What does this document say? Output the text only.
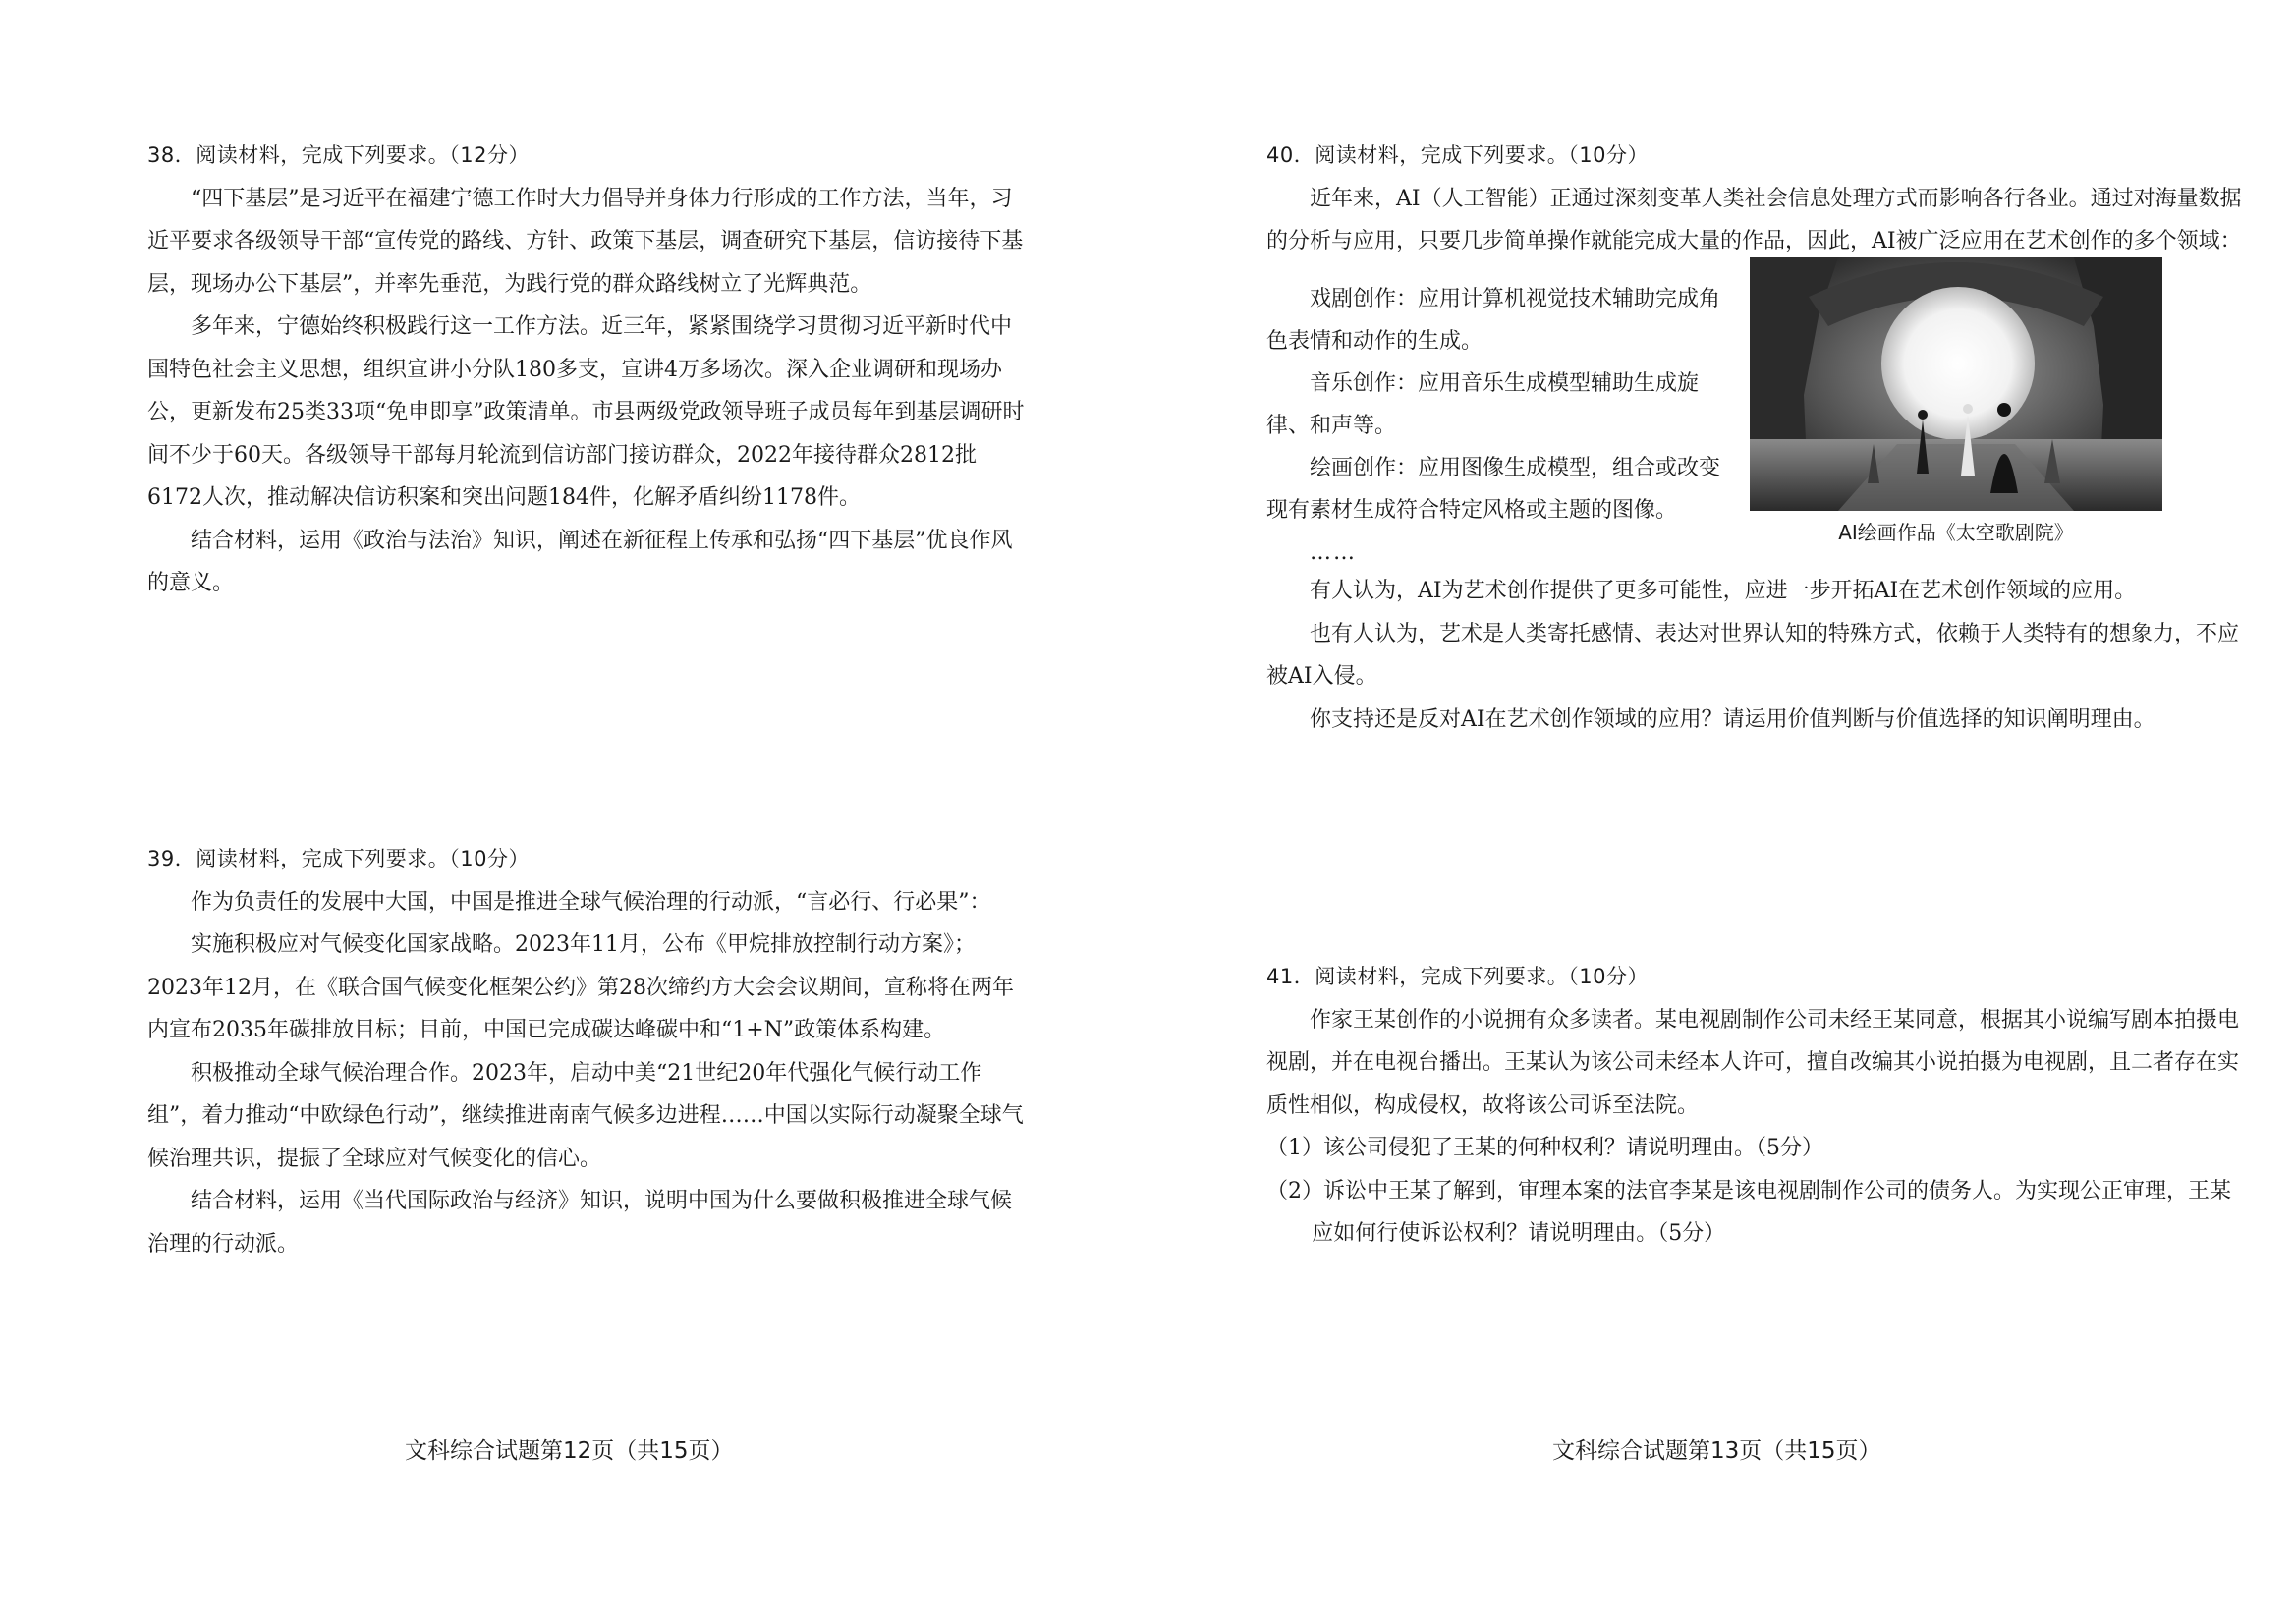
38．阅读材料，完成下列要求。（12分）

“四下基层”是习近平在福建宁德工作时大力倡导并身体力行形成的工作方法，当年，习近平要求各级领导干部“宣传党的路线、方针、政策下基层，调查研究下基层，信访接待下基层，现场办公下基层”，并率先垂范，为践行党的群众路线树立了光辉典范。

多年来，宁德始终积极践行这一工作方法。近三年，紧紧围绕学习贯彻习近平新时代中国特色社会主义思想，组织宣讲小分队180多支，宣讲4万多场次。深入企业调研和现场办公，更新发布25类33项“免申即享”政策清单。市县两级党政领导班子成员每年到基层调研时间不少于60天。各级领导干部每月轮流到信访部门接访群众，2022年接待群众2812批6172人次，推动解决信访积案和突出问题184件，化解矛盾纠纷1178件。

结合材料，运用《政治与法治》知识，阐述在新征程上传承和弘扬“四下基层”优良作风的意义。

39．阅读材料，完成下列要求。（10分）

作为负责任的发展中大国，中国是推进全球气候治理的行动派，“言必行、行必果”：

实施积极应对气候变化国家战略。2023年11月，公布《甲烷排放控制行动方案》；2023年12月，在《联合国气候变化框架公约》第28次缔约方大会会议期间，宣称将在两年内宣布2035年碳排放目标；目前，中国已完成碳达峰碳中和“1+N”政策体系构建。

积极推动全球气候治理合作。2023年，启动中美“21世纪20年代强化气候行动工作组”，着力推动“中欧绿色行动”，继续推进南南气候多边进程……中国以实际行动凝聚全球气候治理共识，提振了全球应对气候变化的信心。

结合材料，运用《当代国际政治与经济》知识，说明中国为什么要做积极推进全球气候治理的行动派。

文科综合试题第12页（共15页）

40．阅读材料，完成下列要求。（10分）

近年来，AI（人工智能）正通过深刻变革人类社会信息处理方式而影响各行各业。通过对海量数据的分析与应用，只要几步简单操作就能完成大量的作品，因此，AI被广泛应用在艺术创作的多个领域：

戏剧创作：应用计算机视觉技术辅助完成角色表情和动作的生成。

音乐创作：应用音乐生成模型辅助生成旋律、和声等。

绘画创作：应用图像生成模型，组合或改变现有素材生成符合特定风格或主题的图像。

……

AI绘画作品《太空歌剧院》

有人认为，AI为艺术创作提供了更多可能性，应进一步开拓AI在艺术创作领域的应用。

也有人认为，艺术是人类寄托感情、表达对世界认知的特殊方式，依赖于人类特有的想象力，不应被AI入侵。

你支持还是反对AI在艺术创作领域的应用？请运用价值判断与价值选择的知识阐明理由。

41．阅读材料，完成下列要求。（10分）

作家王某创作的小说拥有众多读者。某电视剧制作公司未经王某同意，根据其小说编写剧本拍摄电视剧，并在电视台播出。王某认为该公司未经本人许可，擅自改编其小说拍摄为电视剧，且二者存在实质性相似，构成侵权，故将该公司诉至法院。

（1）该公司侵犯了王某的何种权利？请说明理由。（5分）

（2）诉讼中王某了解到，审理本案的法官李某是该电视剧制作公司的债务人。为实现公正审理，王某应如何行使诉讼权利？请说明理由。（5分）

文科综合试题第13页（共15页）
